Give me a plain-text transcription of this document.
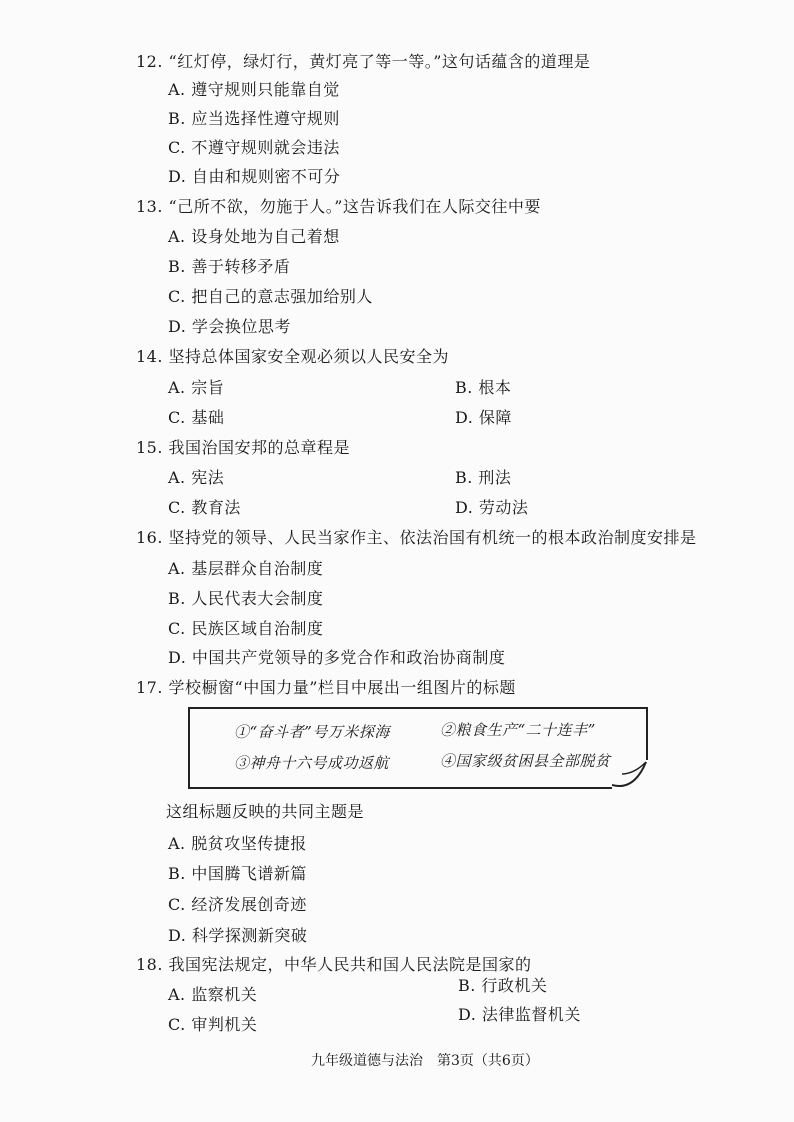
12. “红灯停，绿灯行，黄灯亮了等一等。”这句话蕴含的道理是
A. 遵守规则只能靠自觉
B. 应当选择性遵守规则
C. 不遵守规则就会违法
D. 自由和规则密不可分
13. “己所不欲，勿施于人。”这告诉我们在人际交往中要
A. 设身处地为自己着想
B. 善于转移矛盾
C. 把自己的意志强加给别人
D. 学会换位思考
14. 坚持总体国家安全观必须以人民安全为
A. 宗旨	B. 根本
C. 基础	D. 保障
15. 我国治国安邦的总章程是
A. 宪法	B. 刑法
C. 教育法	D. 劳动法
16. 坚持党的领导、人民当家作主、依法治国有机统一的根本政治制度安排是
A. 基层群众自治制度
B. 人民代表大会制度
C. 民族区域自治制度
D. 中国共产党领导的多党合作和政治协商制度
17. 学校橱窗“中国力量”栏目中展出一组图片的标题
①“奋斗者”号万米探海	②粮食生产“二十连丰”
③神舟十六号成功返航	④国家级贫困县全部脱贫
这组标题反映的共同主题是
A. 脱贫攻坚传捷报
B. 中国腾飞谱新篇
C. 经济发展创奇迹
D. 科学探测新突破
18. 我国宪法规定，中华人民共和国人民法院是国家的
A. 监察机关	B. 行政机关
C. 审判机关
D. 法律监督机关
九年级道德与法治　第3页（共6页）
